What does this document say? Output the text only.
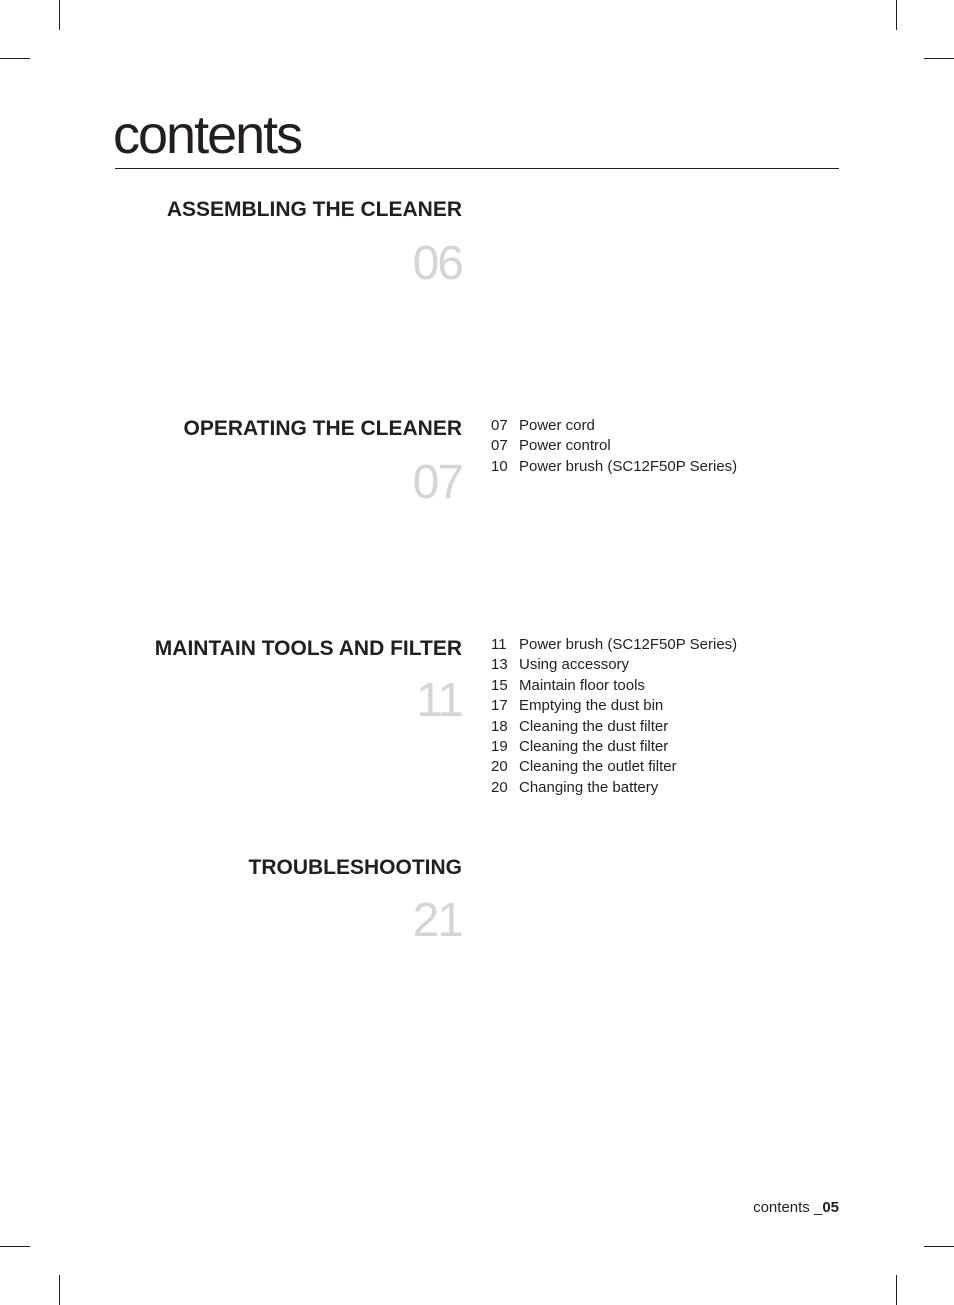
contents
ASSEMBLING THE CLEANER
06
OPERATING THE CLEANER
07
07 Power cord
07 Power control
10 Power brush (SC12F50P Series)
MAINTAIN TOOLS AND FILTER
11
11 Power brush (SC12F50P Series)
13 Using accessory
15 Maintain floor tools
17 Emptying the dust bin
18 Cleaning the dust filter
19 Cleaning the dust filter
20 Cleaning the outlet filter
20 Changing the battery
TROUBLESHOOTING
21
contents _05
